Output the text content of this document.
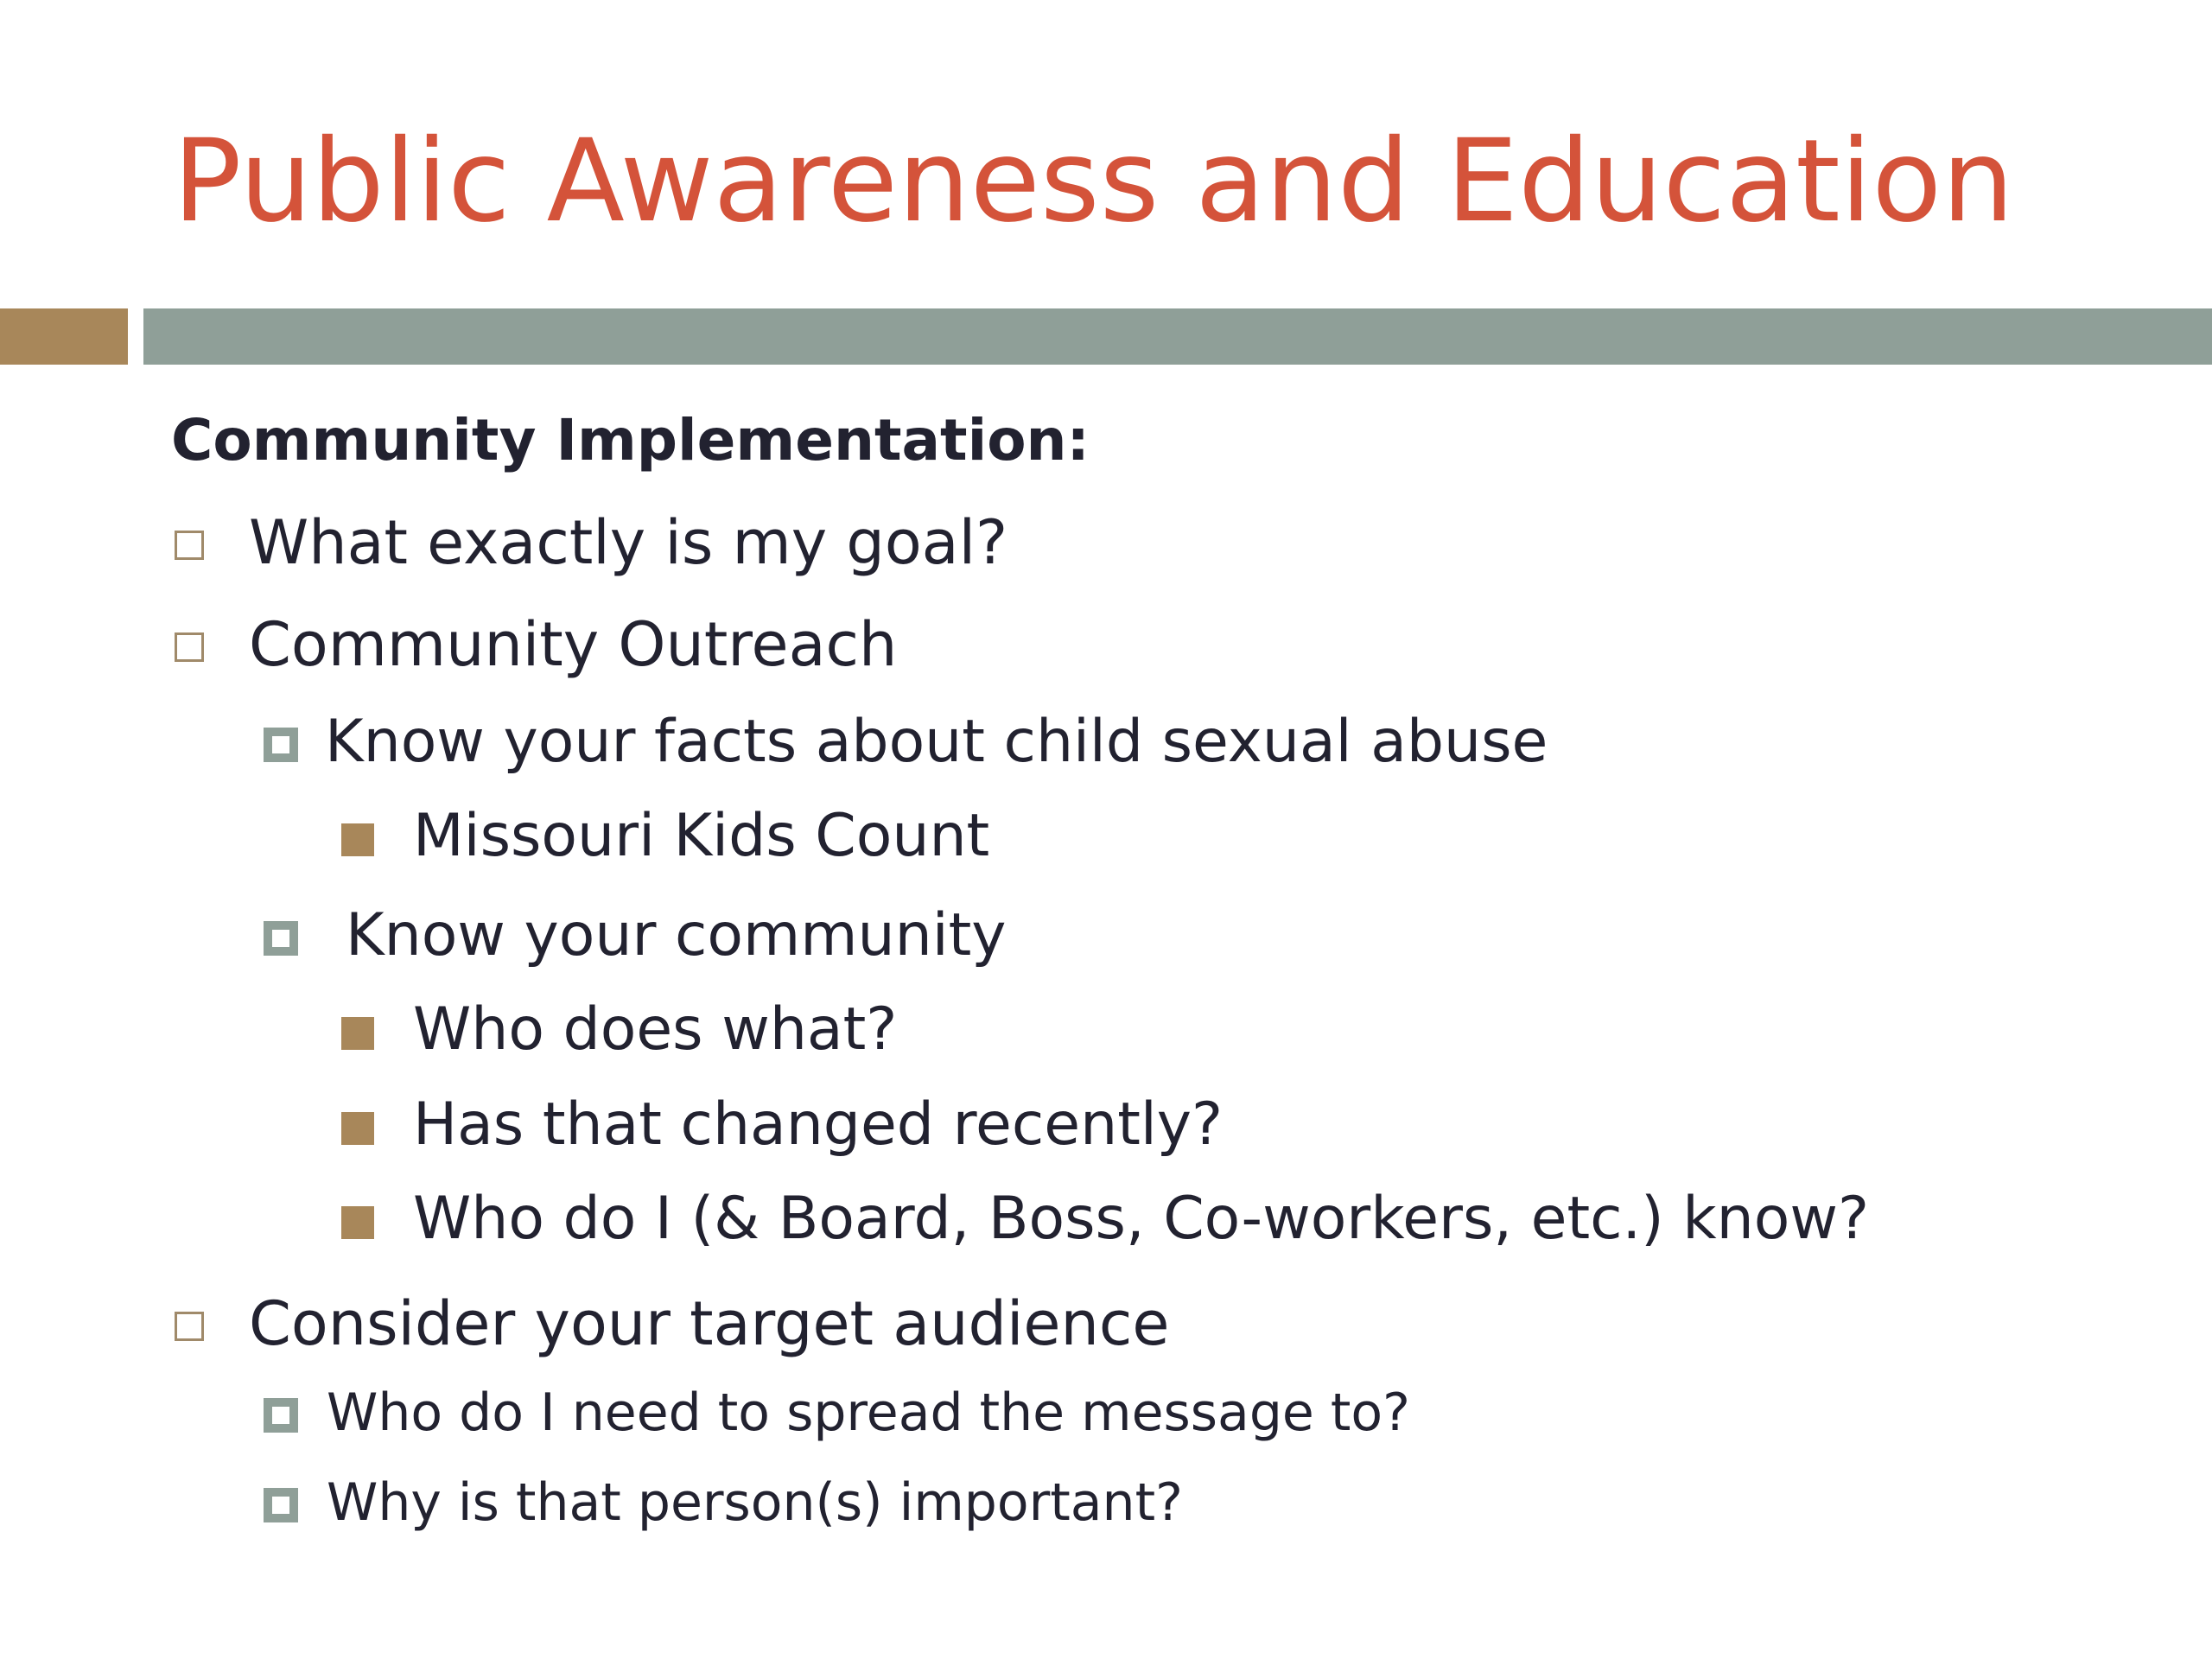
Public Awareness and Education
Community Implementation:
What exactly is my goal?
Community Outreach
Know your facts about child sexual abuse
Missouri Kids Count
Know your community
Who does what?
Has that changed recently?
Who do I (& Board, Boss, Co-workers, etc.) know?
Consider your target audience
Who do I need to spread the message to?
Why is that person(s) important?
